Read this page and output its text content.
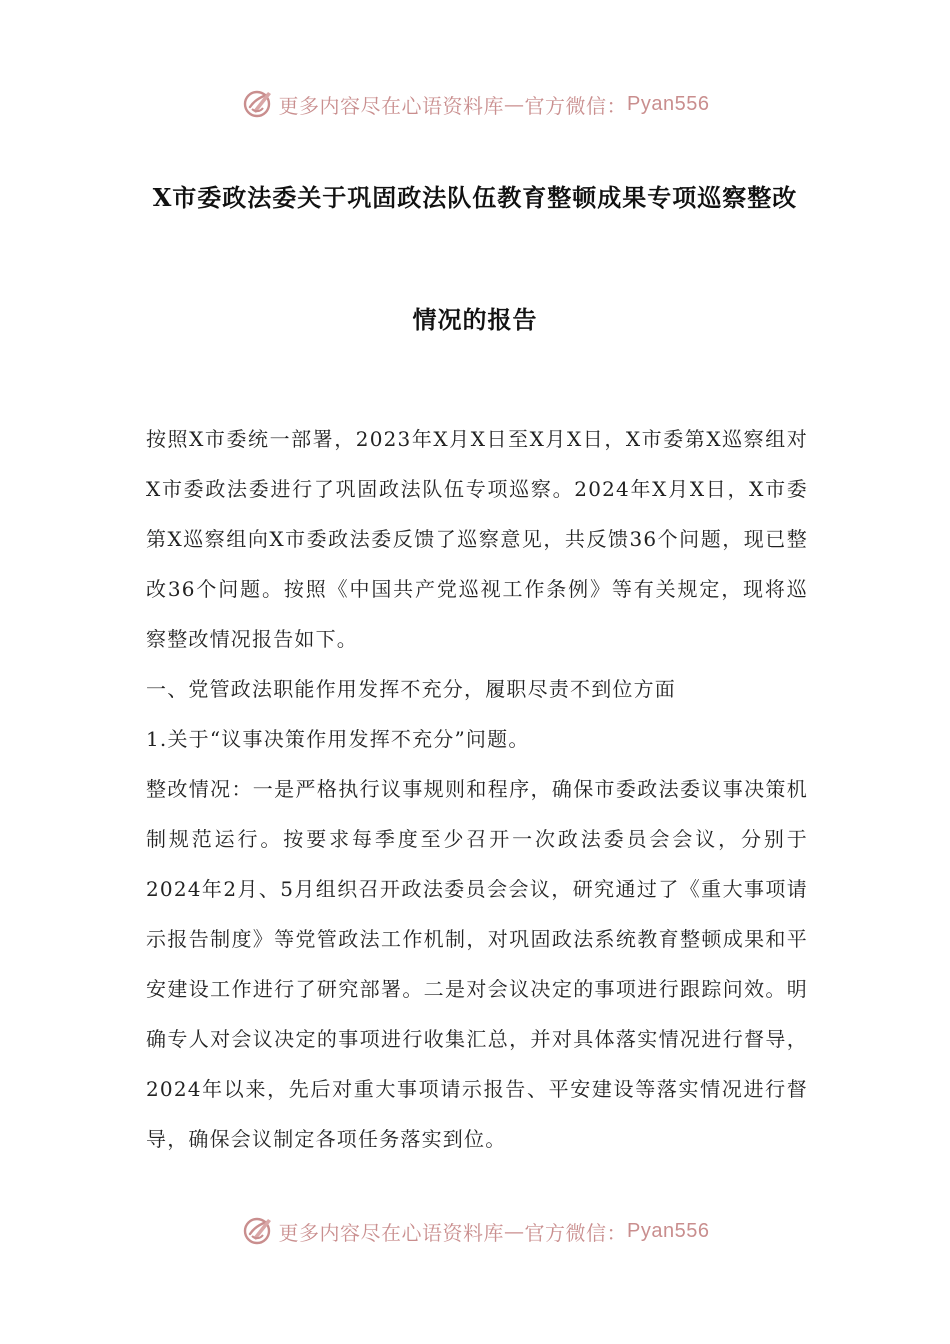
更多内容尽在心语资料库 — 官方微信： Pyan556
X市委政法委关于巩固政法队伍教育整顿成果专项巡察整改
情况的报告

按照X市委统一部署，2023年X月X日至X月X日，X市委第X巡察组对X市委政法委进行了巩固政法队伍专项巡察。2024年X月X日，X市委第X巡察组向X市委政法委反馈了巡察意见，共反馈36个问题，现已整改36个问题。按照《中国共产党巡视工作条例》等有关规定，现将巡察整改情况报告如下。

一、党管政法职能作用发挥不充分，履职尽责不到位方面

1.关于“议事决策作用发挥不充分”问题。

整改情况：一是严格执行议事规则和程序，确保市委政法委议事决策机制规范运行。按要求每季度至少召开一次政法委员会会议，分别于2024年2月、5月组织召开政法委员会会议，研究通过了《重大事项请示报告制度》等党管政法工作机制，对巩固政法系统教育整顿成果和平安建设工作进行了研究部署。二是对会议决定的事项进行跟踪问效。明确专人对会议决定的事项进行收集汇总，并对具体落实情况进行督导，2024年以来，先后对重大事项请示报告、平安建设等落实情况进行督导，确保会议制定各项任务落实到位。

更多内容尽在心语资料库 — 官方微信： Pyan556
